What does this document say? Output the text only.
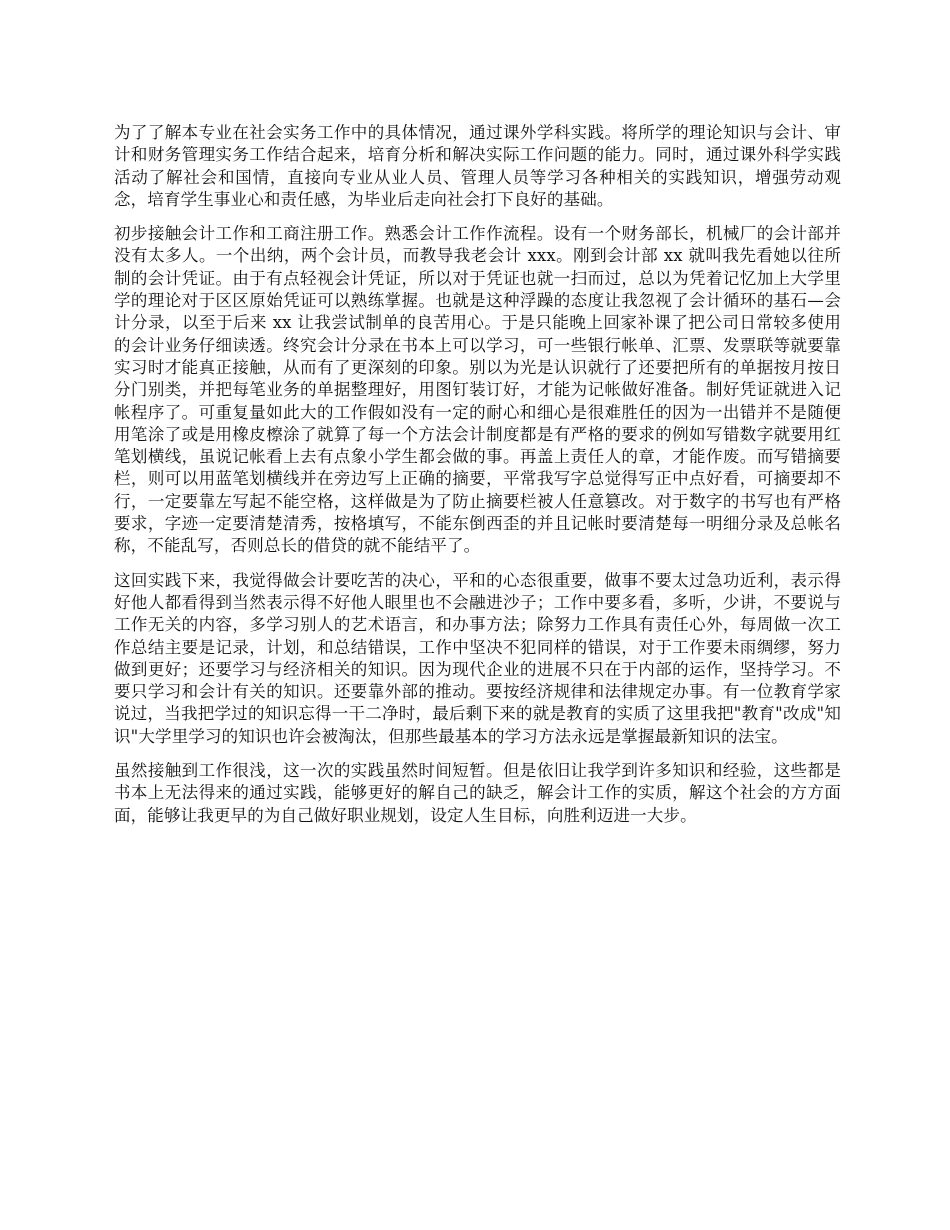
为了了解本专业在社会实务工作中的具体情况，通过课外学科实践。将所学的理论知识与会计、审计和财务管理实务工作结合起来，培育分析和解决实际工作问题的能力。同时，通过课外科学实践活动了解社会和国情，直接向专业从业人员、管理人员等学习各种相关的实践知识，增强劳动观念，培育学生事业心和责任感，为毕业后走向社会打下良好的基础。

初步接触会计工作和工商注册工作。熟悉会计工作作流程。设有一个财务部长，机械厂的会计部并没有太多人。一个出纳，两个会计员，而教导我老会计 xxx。刚到会计部 xx 就叫我先看她以往所制的会计凭证。由于有点轻视会计凭证，所以对于凭证也就一扫而过，总以为凭着记忆加上大学里学的理论对于区区原始凭证可以熟练掌握。也就是这种浮躁的态度让我忽视了会计循环的基石—会计分录，以至于后来 xx 让我尝试制单的良苦用心。于是只能晚上回家补课了把公司日常较多使用的会计业务仔细读透。终究会计分录在书本上可以学习，可一些银行帐单、汇票、发票联等就要靠实习时才能真正接触，从而有了更深刻的印象。别以为光是认识就行了还要把所有的单据按月按日分门别类，并把每笔业务的单据整理好，用图钉装订好，才能为记帐做好准备。制好凭证就进入记帐程序了。可重复量如此大的工作假如没有一定的耐心和细心是很难胜任的因为一出错并不是随便用笔涂了或是用橡皮檫涂了就算了每一个方法会计制度都是有严格的要求的例如写错数字就要用红笔划横线，虽说记帐看上去有点象小学生都会做的事。再盖上责任人的章，才能作废。而写错摘要栏，则可以用蓝笔划横线并在旁边写上正确的摘要，平常我写字总觉得写正中点好看，可摘要却不行，一定要靠左写起不能空格，这样做是为了防止摘要栏被人任意篡改。对于数字的书写也有严格要求，字迹一定要清楚清秀，按格填写，不能东倒西歪的并且记帐时要清楚每一明细分录及总帐名称，不能乱写，否则总长的借贷的就不能结平了。

这回实践下来，我觉得做会计要吃苦的决心，平和的心态很重要，做事不要太过急功近利，表示得好他人都看得到当然表示得不好他人眼里也不会融进沙子；工作中要多看，多听，少讲，不要说与工作无关的内容，多学习别人的艺术语言，和办事方法；除努力工作具有责任心外，每周做一次工作总结主要是记录，计划，和总结错误，工作中坚决不犯同样的错误，对于工作要未雨绸缪，努力做到更好；还要学习与经济相关的知识。因为现代企业的进展不只在于内部的运作，坚持学习。不要只学习和会计有关的知识。还要靠外部的推动。要按经济规律和法律规定办事。有一位教育学家说过，当我把学过的知识忘得一干二净时，最后剩下来的就是教育的实质了这里我把"教育"改成"知识"大学里学习的知识也许会被淘汰，但那些最基本的学习方法永远是掌握最新知识的法宝。

虽然接触到工作很浅，这一次的实践虽然时间短暂。但是依旧让我学到许多知识和经验，这些都是书本上无法得来的通过实践，能够更好的解自己的缺乏，解会计工作的实质，解这个社会的方方面面，能够让我更早的为自己做好职业规划，设定人生目标，向胜利迈进一大步。
